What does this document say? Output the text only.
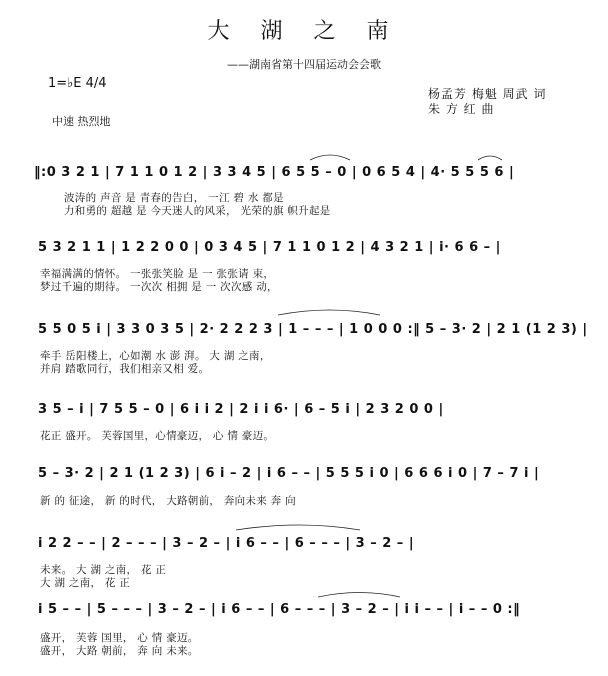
大 湖 之 南
——湖南省第十四届运动会会歌
1=♭E 4/4
杨孟芳 梅魁 周武 词
朱 方 红 曲
中速 热烈地
‖:0 3 2 1 | 7 1 1 0 1 2 | 3 3 4 5 | 6 5 5 – 0 | 0 6 5 4 | 4· 5 5 5 6 |
波涛的 声音 是 青春的告白， 一江 碧 水 都是
力和勇的 超越 是 今天迷人的风采， 光荣的旗 帜升起是
5 3 2 1 1 | 1 2 2 0 0 | 0 3 4 5 | 7 1 1 0 1 2 | 4 3 2 1 | i· 6 6 – |
幸福满满的情怀。 一张张笑脸 是 一 张张请 束，
梦过千遍的期待。 一次次 相拥 是 一 次次感 动，
5 5 0 5 i | 3 3 0 3 5 | 2· 2 2 2 3 | 1 – – – | 1 0 0 0 :‖ 5 – 3· 2 | 2 1 (1 2 3) |
牵手 岳阳楼上，心如潮 水 澎 湃。 大 湖 之南，
并肩 踏歌同行，我们相亲又相 爱。
3 5 – i | 7 5 5 – 0 | 6 i i 2 | 2 i i 6· | 6 – 5 i | 2 3 2 0 0 |
花正 盛开。 芙蓉国里，心情豪迈， 心 情 豪迈。
5 – 3· 2 | 2 1 (1 2 3) | 6 i – 2 | i 6 – – | 5 5 5 i 0 | 6 6 6 i 0 | 7 – 7 i |
新 的 征途， 新 的时代， 大路朝前， 奔向未来 奔 向
i 2 2 – – | 2 – – – | 3 – 2 – | i 6 – – | 6 – – – | 3 – 2 – |
未来。 大 湖 之南， 花 正
大 湖 之南， 花 正
i 5 – – | 5 – – – | 3 – 2 – | i 6 – – | 6 – – – | 3 – 2 – | i i – – | i – – 0 :‖
盛开， 芙蓉 国里， 心 情 豪迈。
盛开， 大路 朝前， 奔 向 未来。
